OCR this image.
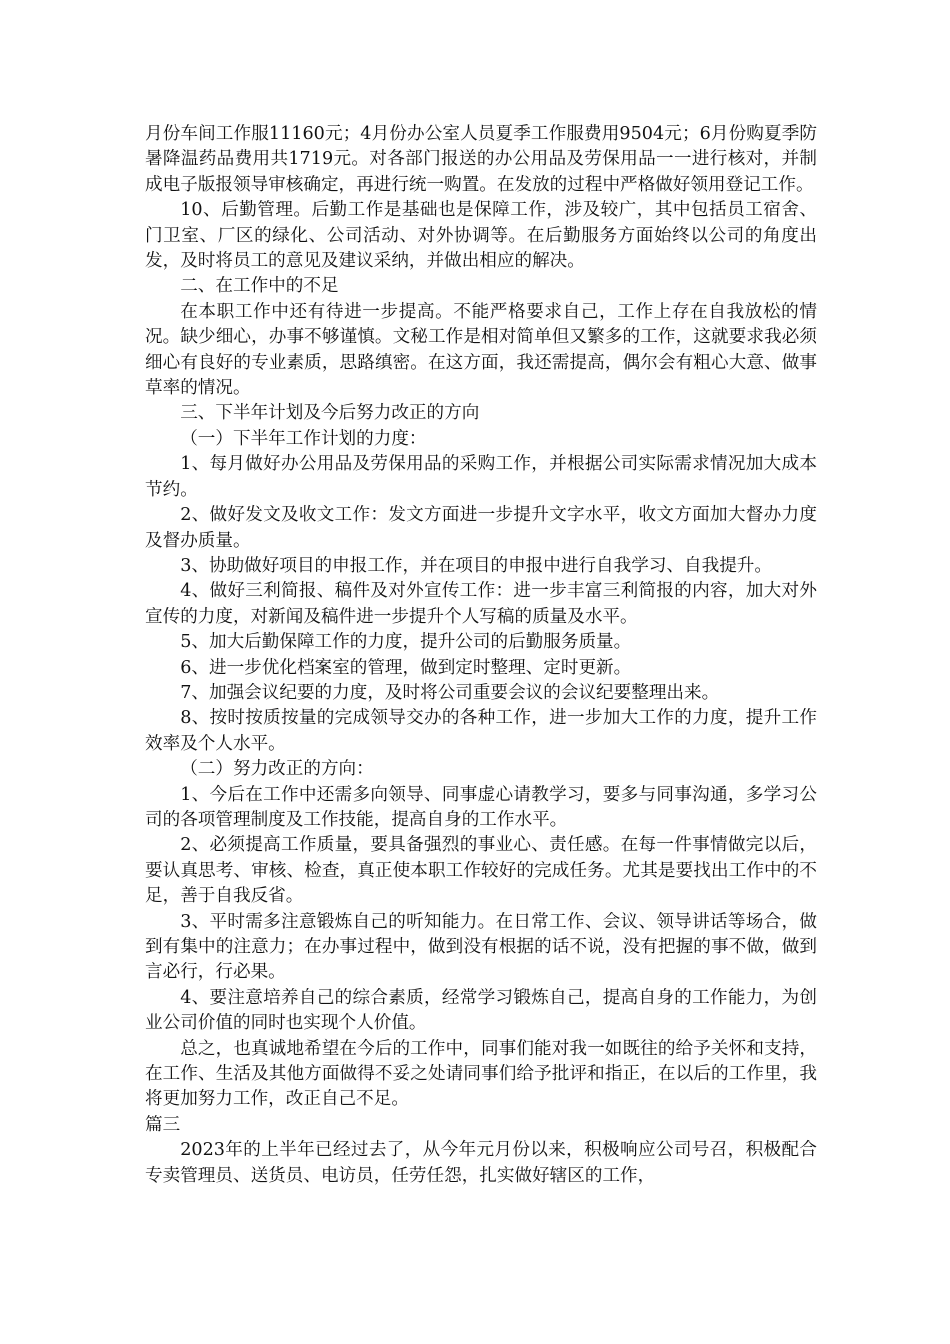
月份车间工作服11160元；4月份办公室人员夏季工作服费用9504元；6月份购夏季防暑降温药品费用共1719元。对各部门报送的办公用品及劳保用品一一进行核对，并制成电子版报领导审核确定，再进行统一购置。在发放的过程中严格做好领用登记工作。

10、后勤管理。后勤工作是基础也是保障工作，涉及较广，其中包括员工宿舍、门卫室、厂区的绿化、公司活动、对外协调等。在后勤服务方面始终以公司的角度出发，及时将员工的意见及建议采纳，并做出相应的解决。

二、在工作中的不足

在本职工作中还有待进一步提高。不能严格要求自己，工作上存在自我放松的情况。缺少细心，办事不够谨慎。文秘工作是相对简单但又繁多的工作，这就要求我必须细心有良好的专业素质，思路缜密。在这方面，我还需提高，偶尔会有粗心大意、做事草率的情况。

三、下半年计划及今后努力改正的方向

（一）下半年工作计划的力度：

1、每月做好办公用品及劳保用品的采购工作，并根据公司实际需求情况加大成本节约。

2、做好发文及收文工作：发文方面进一步提升文字水平，收文方面加大督办力度及督办质量。

3、协助做好项目的申报工作，并在项目的申报中进行自我学习、自我提升。

4、做好三利简报、稿件及对外宣传工作：进一步丰富三利简报的内容，加大对外宣传的力度，对新闻及稿件进一步提升个人写稿的质量及水平。

5、加大后勤保障工作的力度，提升公司的后勤服务质量。

6、进一步优化档案室的管理，做到定时整理、定时更新。

7、加强会议纪要的力度，及时将公司重要会议的会议纪要整理出来。

8、按时按质按量的完成领导交办的各种工作，进一步加大工作的力度，提升工作效率及个人水平。

（二）努力改正的方向：

1、今后在工作中还需多向领导、同事虚心请教学习，要多与同事沟通，多学习公司的各项管理制度及工作技能，提高自身的工作水平。

2、必须提高工作质量，要具备强烈的事业心、责任感。在每一件事情做完以后，要认真思考、审核、检查，真正使本职工作较好的完成任务。尤其是要找出工作中的不足，善于自我反省。

3、平时需多注意锻炼自己的听知能力。在日常工作、会议、领导讲话等场合，做到有集中的注意力；在办事过程中，做到没有根据的话不说，没有把握的事不做，做到言必行，行必果。

4、要注意培养自己的综合素质，经常学习锻炼自己，提高自身的工作能力，为创业公司价值的同时也实现个人价值。

总之，也真诚地希望在今后的工作中，同事们能对我一如既往的给予关怀和支持，在工作、生活及其他方面做得不妥之处请同事们给予批评和指正，在以后的工作里，我将更加努力工作，改正自己不足。

篇三

2023年的上半年已经过去了，从今年元月份以来，积极响应公司号召，积极配合专卖管理员、送货员、电访员，任劳任怨，扎实做好辖区的工作，
